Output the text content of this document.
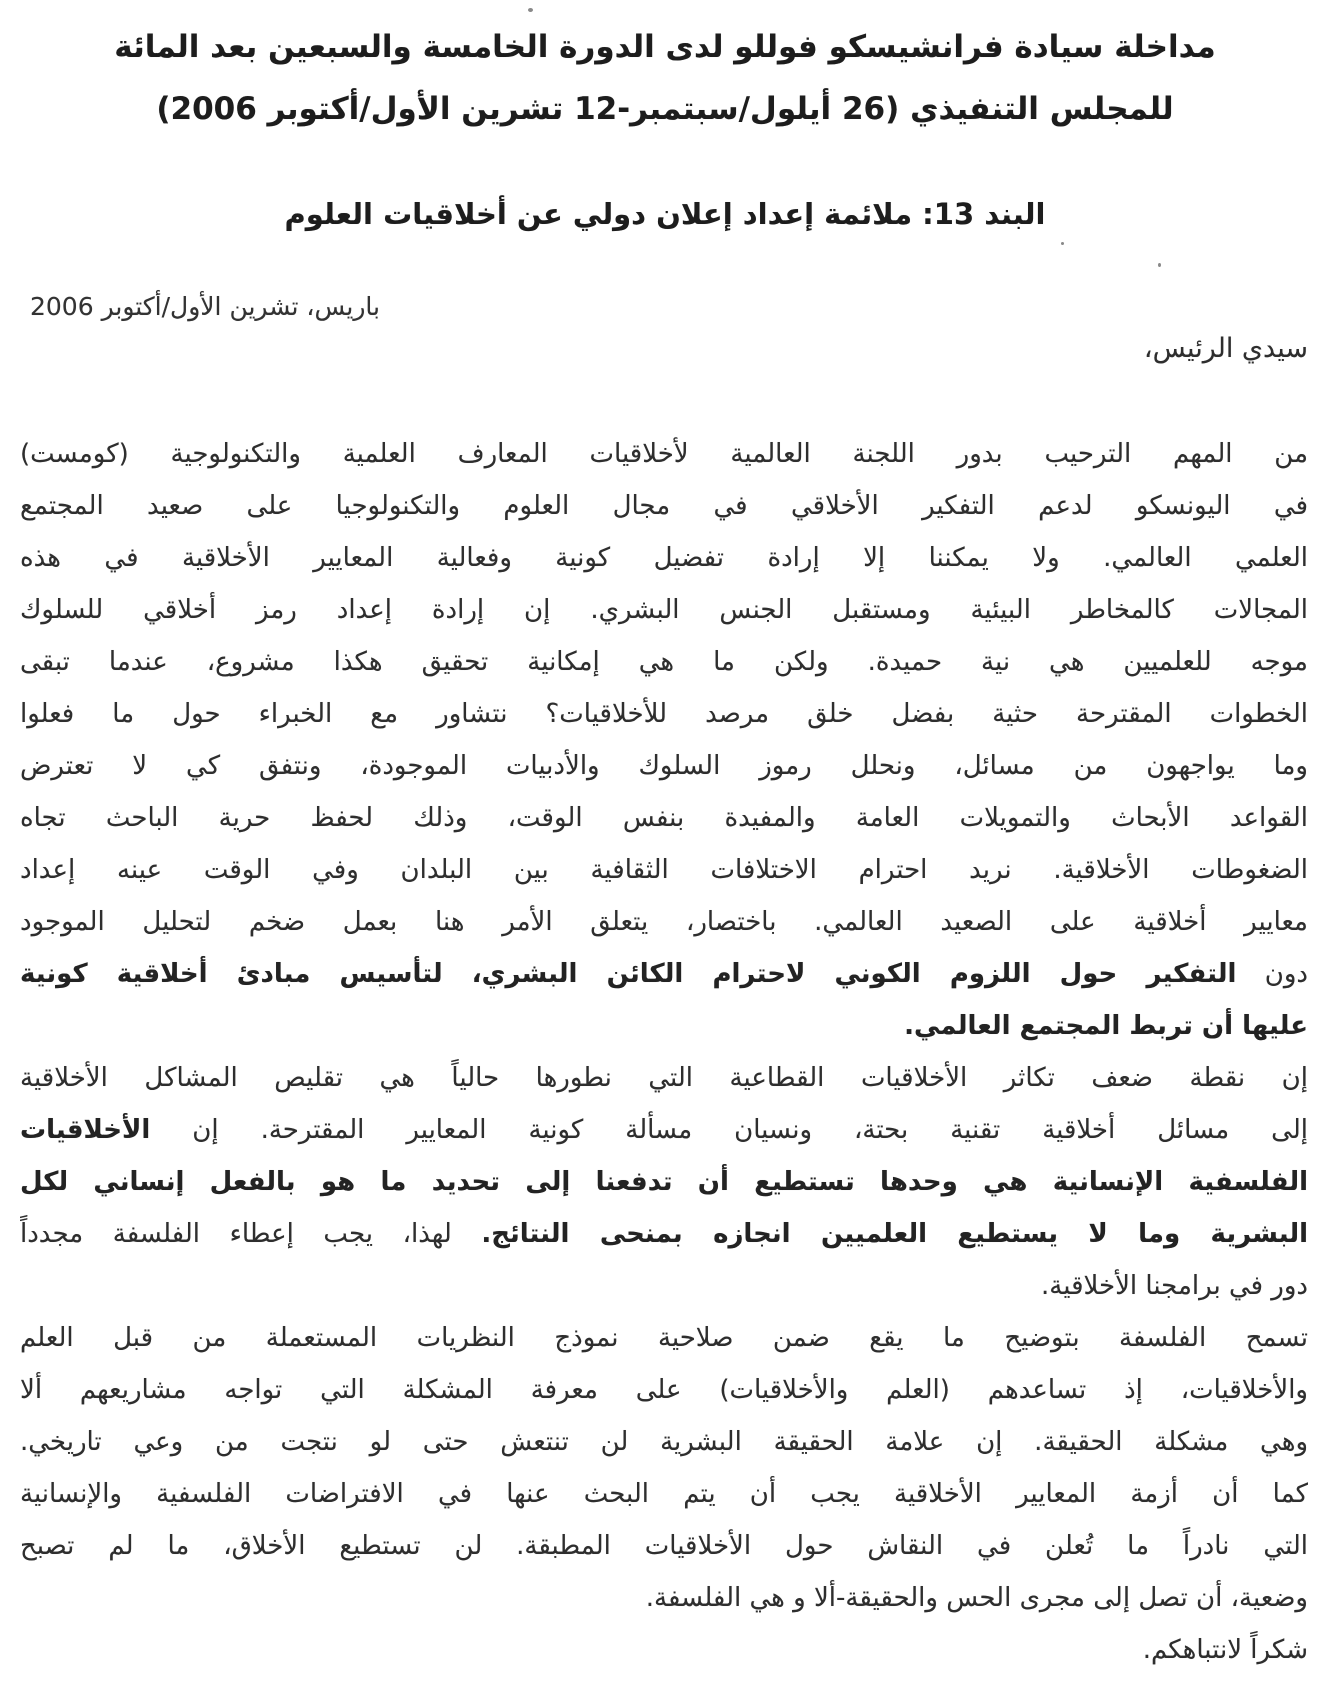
مداخلة سيادة فرانشيسكو فوللو لدى الدورة الخامسة والسبعين بعد المائة
للمجلس التنفيذي (26 أيلول/سبتمبر-12 تشرين الأول/أكتوبر 2006)
البند 13: ملائمة إعداد إعلان دولي عن أخلاقيات العلوم
باريس، تشرين الأول/أكتوبر 2006
سيدي الرئيس،
من المهم الترحيب بدور اللجنة العالمية لأخلاقيات المعارف العلمية والتكنولوجية (كومست)
في اليونسكو لدعم التفكير الأخلاقي في مجال العلوم والتكنولوجيا على صعيد المجتمع
العلمي العالمي. ولا يمكننا إلا إرادة تفضيل كونية وفعالية المعايير الأخلاقية في هذه
المجالات كالمخاطر البيئية ومستقبل الجنس البشري. إن إرادة إعداد رمز أخلاقي للسلوك
موجه للعلميين هي نية حميدة. ولكن ما هي إمكانية تحقيق هكذا مشروع، عندما تبقى
الخطوات المقترحة حثية بفضل خلق مرصد للأخلاقيات؟ نتشاور مع الخبراء حول ما فعلوا
وما يواجهون من مسائل، ونحلل رموز السلوك والأدبيات الموجودة، ونتفق كي لا تعترض
القواعد الأبحاث والتمويلات العامة والمفيدة بنفس الوقت، وذلك لحفظ حرية الباحث تجاه
الضغوطات الأخلاقية. نريد احترام الاختلافات الثقافية بين البلدان وفي الوقت عينه إعداد
معايير أخلاقية على الصعيد العالمي. باختصار، يتعلق الأمر هنا بعمل ضخم لتحليل الموجود
دون التفكير حول اللزوم الكوني لاحترام الكائن البشري، لتأسيس مبادئ أخلاقية كونية
عليها أن تربط المجتمع العالمي.
إن نقطة ضعف تكاثر الأخلاقيات القطاعية التي نطورها حالياً هي تقليص المشاكل الأخلاقية
إلى مسائل أخلاقية تقنية بحتة، ونسيان مسألة كونية المعايير المقترحة. إن الأخلاقيات
الفلسفية الإنسانية هي وحدها تستطيع أن تدفعنا إلى تحديد ما هو بالفعل إنساني لكل
البشرية وما لا يستطيع العلميين انجازه بمنحى النتائج. لهذا، يجب إعطاء الفلسفة مجدداً
دور في برامجنا الأخلاقية.
تسمح الفلسفة بتوضيح ما يقع ضمن صلاحية نموذج النظريات المستعملة من قبل العلم
والأخلاقيات، إذ تساعدهم (العلم والأخلاقيات) على معرفة المشكلة التي تواجه مشاريعهم ألا
وهي مشكلة الحقيقة. إن علامة الحقيقة البشرية لن تنتعش حتى لو نتجت من وعي تاريخي.
كما أن أزمة المعايير الأخلاقية يجب أن يتم البحث عنها في الافتراضات الفلسفية والإنسانية
التي نادراً ما تُعلن في النقاش حول الأخلاقيات المطبقة. لن تستطيع الأخلاق، ما لم تصبح
وضعية، أن تصل إلى مجرى الحس والحقيقة-ألا و هي الفلسفة.
شكراً لانتباهكم.
